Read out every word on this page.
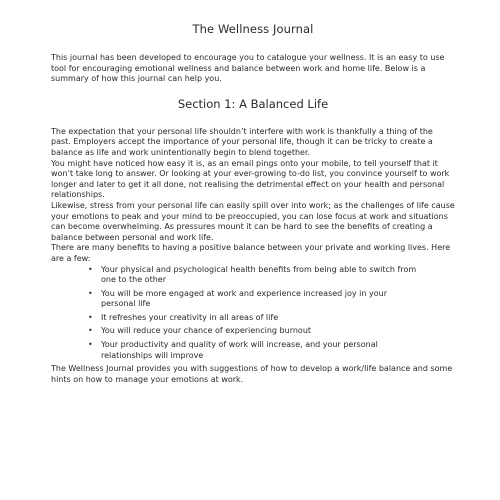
The Wellness Journal

This journal has been developed to encourage you to catalogue your wellness. It is an easy to use tool for encouraging emotional wellness and balance between work and home life. Below is a summary of how this journal can help you.

Section 1: A Balanced Life

The expectation that your personal life shouldn’t interfere with work is thankfully a thing of the past. Employers accept the importance of your personal life, though it can be tricky to create a balance as life and work unintentionally begin to blend together.

You might have noticed how easy it is, as an email pings onto your mobile, to tell yourself that it won’t take long to answer. Or looking at your ever-growing to-do list, you convince yourself to work longer and later to get it all done, not realising the detrimental effect on your health and personal relationships.

Likewise, stress from your personal life can easily spill over into work; as the challenges of life cause your emotions to peak and your mind to be preoccupied, you can lose focus at work and situations can become overwhelming. As pressures mount it can be hard to see the benefits of creating a balance between personal and work life.

There are many benefits to having a positive balance between your private and working lives. Here are a few:

• Your physical and psychological health benefits from being able to switch from one to the other
• You will be more engaged at work and experience increased joy in your personal life
• It refreshes your creativity in all areas of life
• You will reduce your chance of experiencing burnout
• Your productivity and quality of work will increase, and your personal relationships will improve

The Wellness Journal provides you with suggestions of how to develop a work/life balance and some hints on how to manage your emotions at work.
